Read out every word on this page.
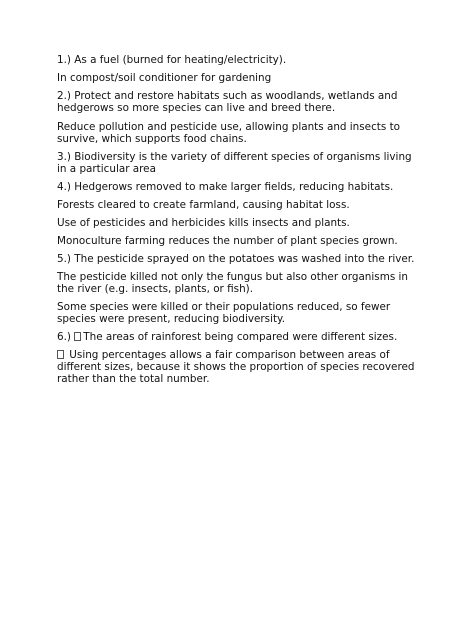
1.) As a fuel (burned for heating/electricity).
In compost/soil conditioner for gardening
2.) Protect and restore habitats such as woodlands, wetlands and hedgerows so more species can live and breed there.
Reduce pollution and pesticide use, allowing plants and insects to survive, which supports food chains.
3.) Biodiversity is the variety of different species of organisms living in a particular area
4.) Hedgerows removed to make larger fields, reducing habitats.
Forests cleared to create farmland, causing habitat loss.
Use of pesticides and herbicides kills insects and plants.
Monoculture farming reduces the number of plant species grown.
5.) The pesticide sprayed on the potatoes was washed into the river.
The pesticide killed not only the fungus but also other organisms in the river (e.g. insects, plants, or fish).
Some species were killed or their populations reduced, so fewer species were present, reducing biodiversity.
6.) The areas of rainforest being compared were different sizes.
Using percentages allows a fair comparison between areas of different sizes, because it shows the proportion of species recovered rather than the total number.
